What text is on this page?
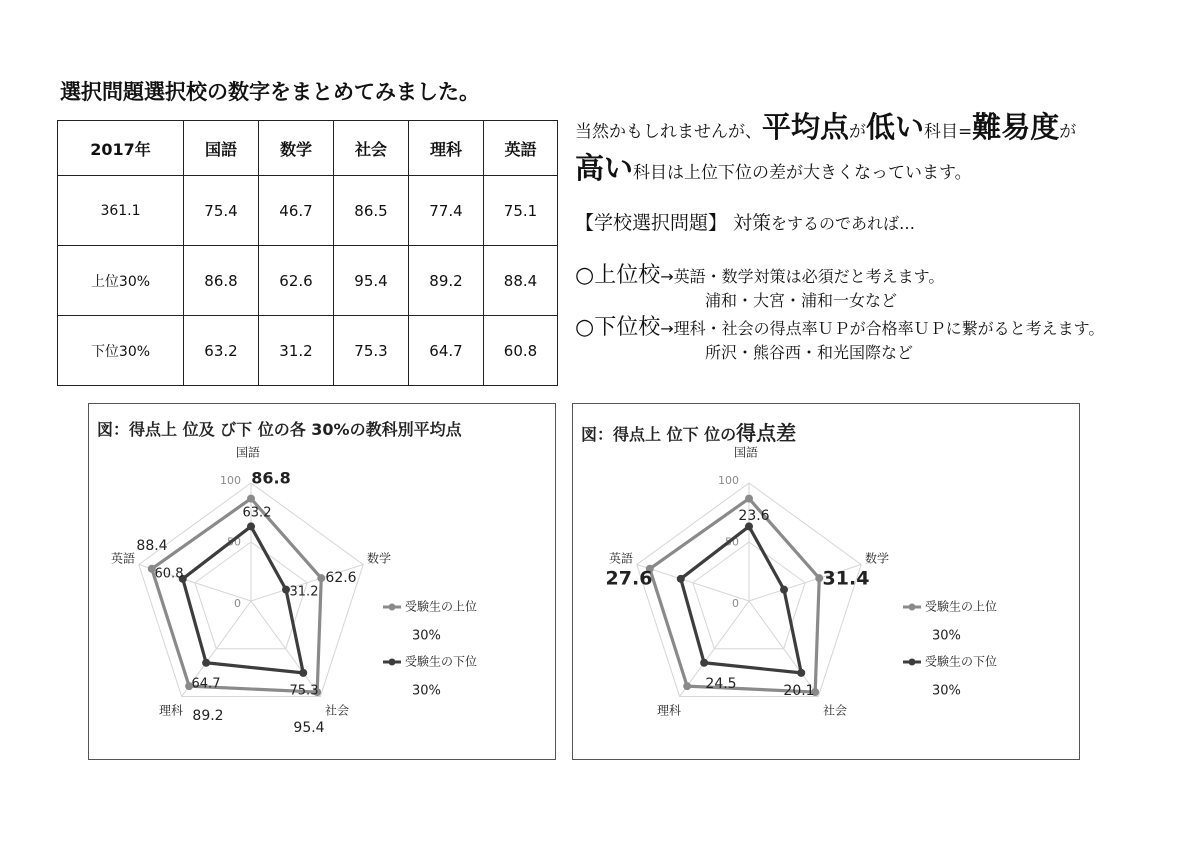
選択問題選択校の数字をまとめてみました。
2017年	国語	数学	社会	理科	英語
361.1	75.4	46.7	86.5	77.4	75.1
上位30%	86.8	62.6	95.4	89.2	88.4
下位30%	63.2	31.2	75.3	64.7	60.8
当然かもしれませんが、平均点が低い科目=難易度が
高い科目は上位下位の差が大きくなっています。
【学校選択問題】 対策をするのであれば…
○上位校→英語・数学対策は必須だと考えます。
浦和・大宮・浦和一女など
○下位校→理科・社会の得点率ＵＰが合格率ＵＰに繋がると考えます。
所沢・熊谷西・和光国際など
0
50
100
国語
数学
社会
理科
英語
86.8
62.6
95.4
89.2
88.4
63.2
31.2
75.3
64.7
60.8
受験生の上位
30%
受験生の下位
30%
図：得点上 位及 び下 位の各 30%の教科別平均点
0
50
100
国語
数学
社会
理科
英語
23.6
31.4
20.1
24.5
27.6
受験生の上位
30%
受験生の下位
30%
図：得点上 位下 位の得点差
